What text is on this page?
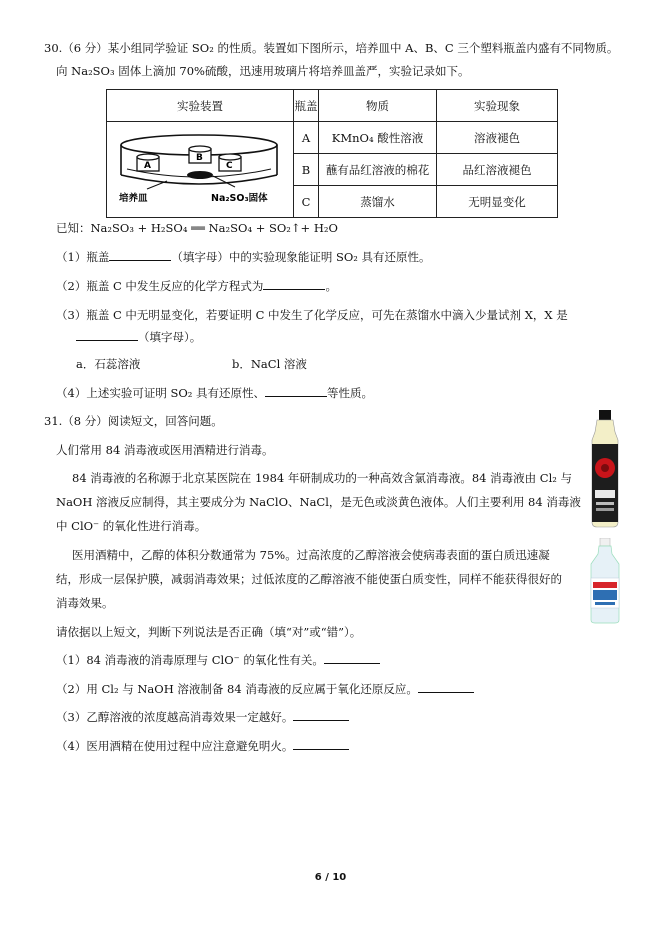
30.（6 分）某小组同学验证 SO₂ 的性质。装置如下图所示，培养皿中 A、B、C 三个塑料瓶盖内盛有不同物质。
向 Na₂SO₃ 固体上滴加 70%硫酸，迅速用玻璃片将培养皿盖严，实验记录如下。
实验装置	瓶盖	物质	实验现象

A
B
C
培养皿 Na₂SO₃固体	A	KMnO₄ 酸性溶液	溶液褪色
	B	蘸有品红溶液的棉花	品红溶液褪色
	C	蒸馏水	无明显变化
已知：Na₂SO₃ + H₂SO₄ ══ Na₂SO₄ + SO₂↑+ H₂O
（1）瓶盖	（填字母）中的实验现象能证明 SO₂ 具有还原性。
（2）瓶盖 C 中发生反应的化学方程式为	。
（3）瓶盖 C 中无明显变化，若要证明 C 中发生了化学反应，可先在蒸馏水中滴入少量试剂 X，X 是
（填字母）。
a．石蕊溶液	b．NaCl 溶液
（4）上述实验可证明 SO₂ 具有还原性、	等性质。
31.（8 分）阅读短文，回答问题。
人们常用 84 消毒液或医用酒精进行消毒。
84 消毒液的名称源于北京某医院在 1984 年研制成功的一种高效含氯消毒液。84 消毒液由 Cl₂ 与
NaOH 溶液反应制得，其主要成分为 NaClO、NaCl，是无色或淡黄色液体。人们主要利用 84 消毒液
中 ClO⁻ 的氧化性进行消毒。
医用酒精中，乙醇的体积分数通常为 75%。过高浓度的乙醇溶液会使病毒表面的蛋白质迅速凝
结，形成一层保护膜，减弱消毒效果；过低浓度的乙醇溶液不能使蛋白质变性，同样不能获得很好的
消毒效果。
请依据以上短文，判断下列说法是否正确（填“对”或“错”）。
（1）84 消毒液的消毒原理与 ClO⁻ 的氧化性有关。
（2）用 Cl₂ 与 NaOH 溶液制备 84 消毒液的反应属于氧化还原反应。
（3）乙醇溶液的浓度越高消毒效果一定越好。
（4）医用酒精在使用过程中应注意避免明火。
6 / 10
